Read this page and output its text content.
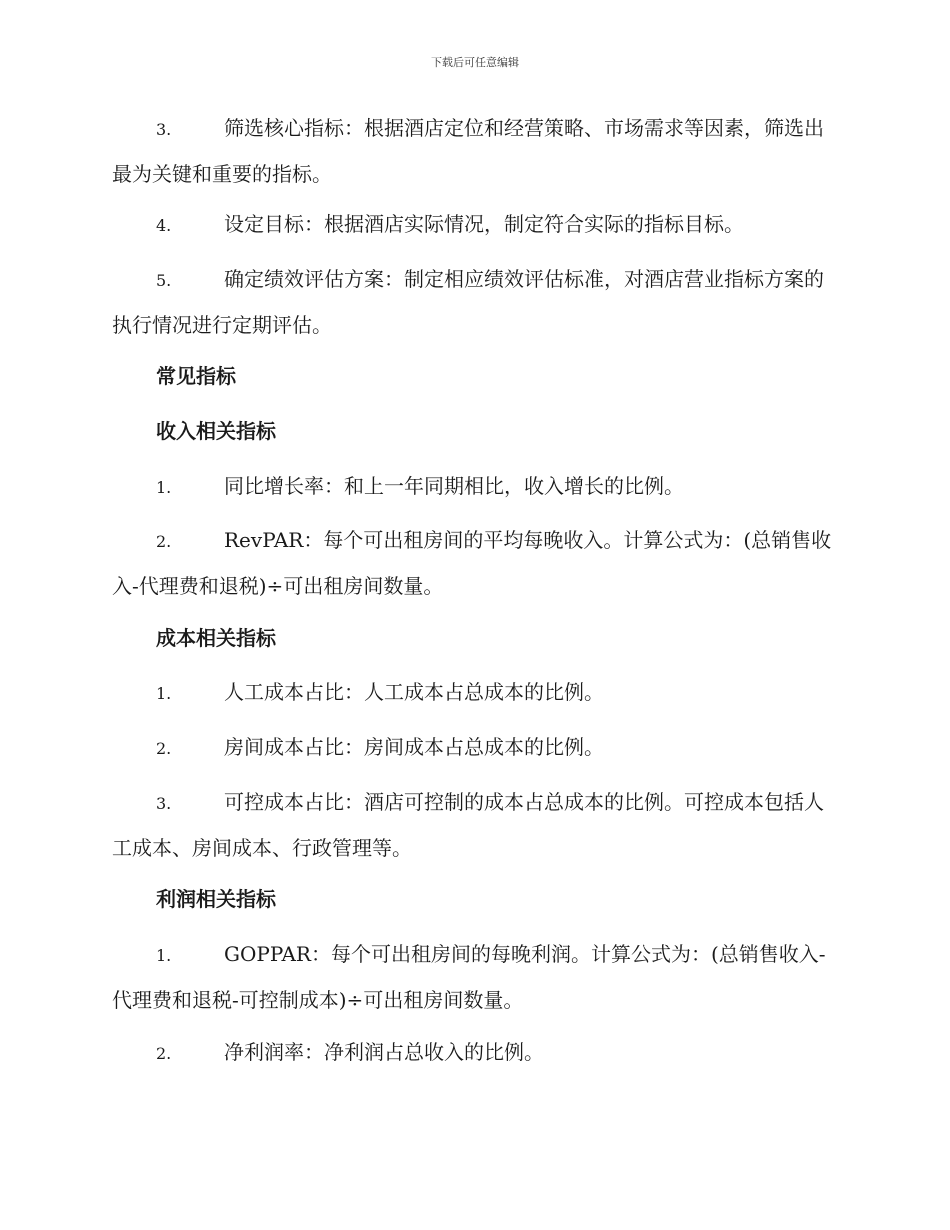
下载后可任意编辑

3.	筛选核心指标：根据酒店定位和经营策略、市场需求等因素，筛选出最为关键和重要的指标。

4.	设定目标：根据酒店实际情况，制定符合实际的指标目标。

5.	确定绩效评估方案：制定相应绩效评估标准，对酒店营业指标方案的执行情况进行定期评估。

常见指标
收入相关指标

1.	同比增长率：和上一年同期相比，收入增长的比例。

2.	RevPAR：每个可出租房间的平均每晚收入。计算公式为：(总销售收入-代理费和退税)÷可出租房间数量。

成本相关指标

1.	人工成本占比：人工成本占总成本的比例。

2.	房间成本占比：房间成本占总成本的比例。

3.	可控成本占比：酒店可控制的成本占总成本的比例。可控成本包括人工成本、房间成本、行政管理等。

利润相关指标

1.	GOPPAR：每个可出租房间的每晚利润。计算公式为：(总销售收入-代理费和退税-可控制成本)÷可出租房间数量。

2.	净利润率：净利润占总收入的比例。
